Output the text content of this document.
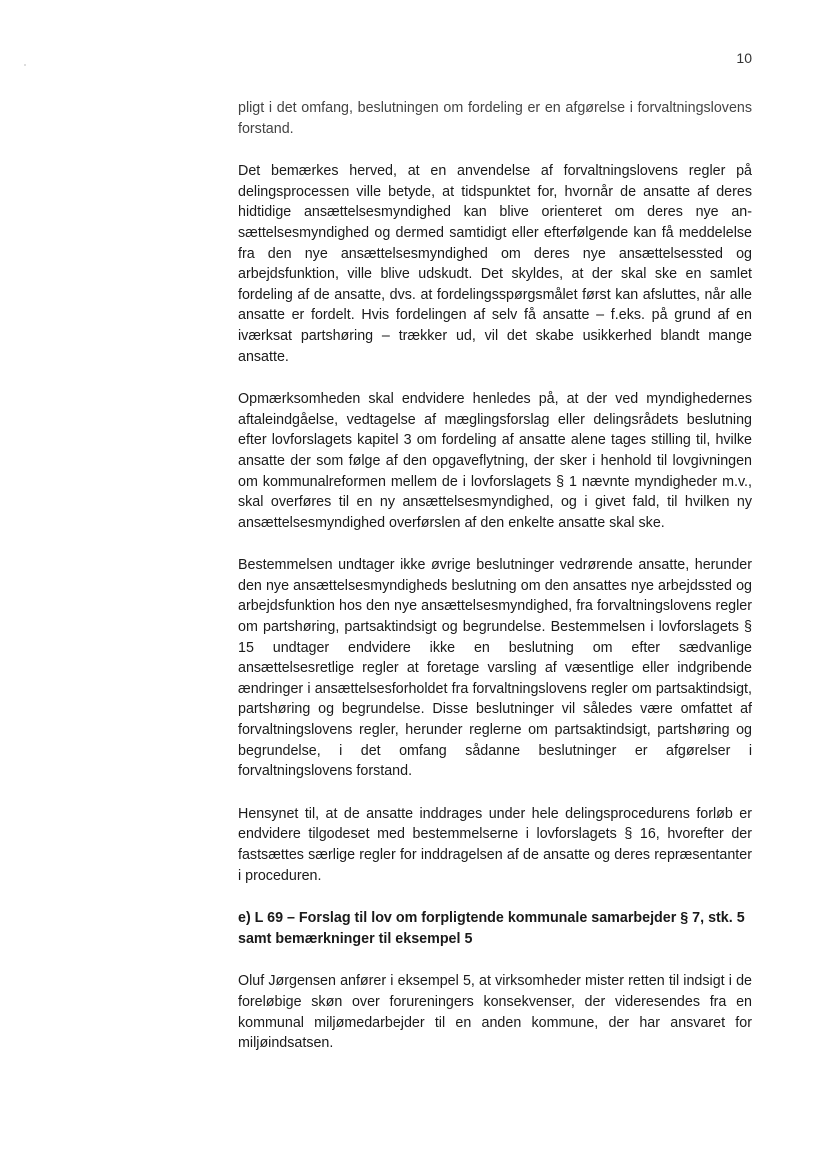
10

pligt i det omfang, beslutningen om fordeling er en afgørelse i forvaltningslovens forstand.

Det bemærkes herved, at en anvendelse af forvaltningslovens regler på delingsprocessen ville betyde, at tidspunktet for, hvornår de ansatte af deres hidtidige ansættelsesmyndighed kan blive orienteret om deres nye ansættelsesmyndighed og dermed samtidigt eller efterfølgende kan få meddelelse fra den nye ansættelsesmyndighed om deres nye ansættelsessted og arbejdsfunktion, ville blive udskudt. Det skyldes, at der skal ske en samlet fordeling af de ansatte, dvs. at fordelingsspørgsmålet først kan afsluttes, når alle ansatte er fordelt. Hvis fordelingen af selv få ansatte – f.eks. på grund af en iværksat partshøring – trækker ud, vil det skabe usikkerhed blandt mange ansatte.

Opmærksomheden skal endvidere henledes på, at der ved myndighedernes aftaleindgåelse, vedtagelse af mæglingsforslag eller delingsrådets beslutning efter lovforslagets kapitel 3 om fordeling af ansatte alene tages stilling til, hvilke ansatte der som følge af den opgaveflytning, der sker i henhold til lovgivningen om kommunalreformen mellem de i lovforslagets § 1 nævnte myndigheder m.v., skal overføres til en ny ansættelsesmyndighed, og i givet fald, til hvilken ny ansættelsesmyndighed overførslen af den enkelte ansatte skal ske.

Bestemmelsen undtager ikke øvrige beslutninger vedrørende ansatte, herunder den nye ansættelsesmyndigheds beslutning om den ansattes nye arbejdssted og arbejdsfunktion hos den nye ansættelsesmyndighed, fra forvaltningslovens regler om partshøring, partsaktindsigt og begrundelse. Bestemmelsen i lovforslagets § 15 undtager endvidere ikke en beslutning om efter sædvanlige ansættelsesretlige regler at foretage varsling af væsentlige eller indgribende ændringer i ansættelsesforholdet fra forvaltningslovens regler om partsaktindsigt, partshøring og begrundelse. Disse beslutninger vil således være omfattet af forvaltningslovens regler, herunder reglerne om partsaktindsigt, partshøring og begrundelse, i det omfang sådanne beslutninger er afgørelser i forvaltningslovens forstand.

Hensynet til, at de ansatte inddrages under hele delingsprocedurens forløb er endvidere tilgodeset med bestemmelserne i lovforslagets § 16, hvorefter der fastsættes særlige regler for inddragelsen af de ansatte og deres repræsentanter i proceduren.

e) L 69 – Forslag til lov om forpligtende kommunale samarbejder § 7, stk. 5 samt bemærkninger til eksempel 5

Oluf Jørgensen anfører i eksempel 5, at virksomheder mister retten til indsigt i de foreløbige skøn over forureningers konsekvenser, der videresendes fra en kommunal miljømedarbejder til en anden kommune, der har ansvaret for miljøindsatsen.
